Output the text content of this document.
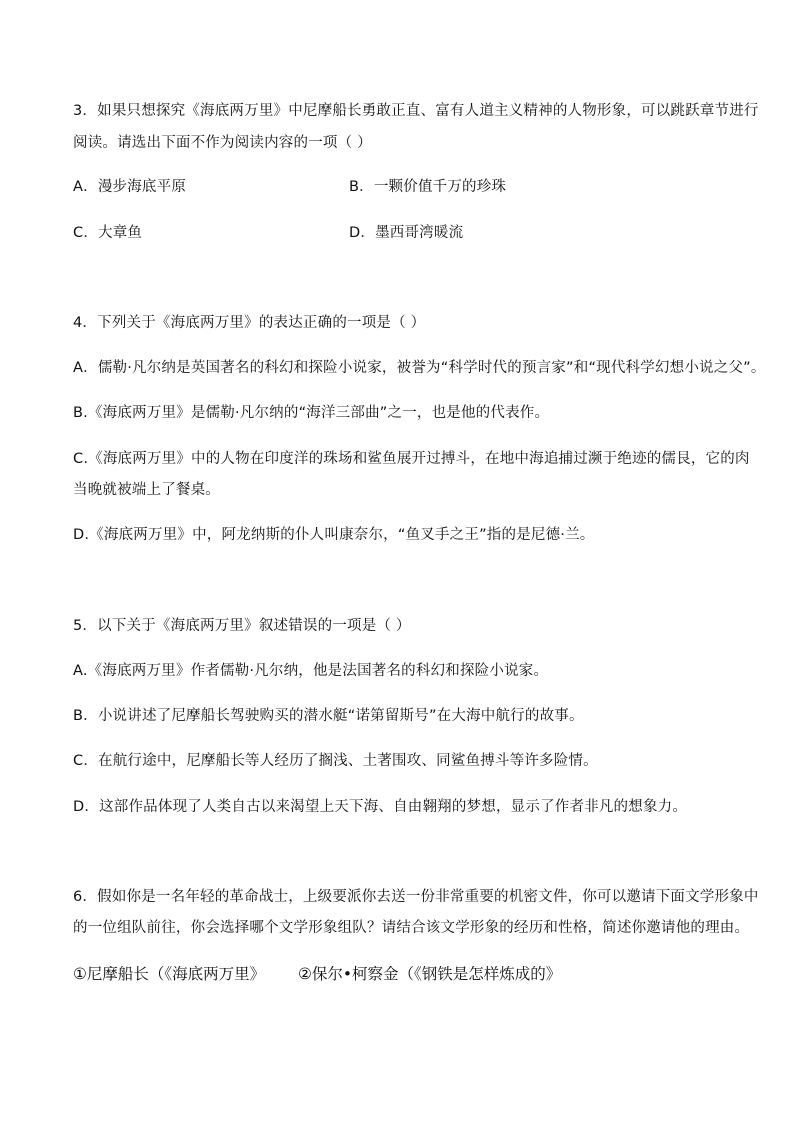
3．如果只想探究《海底两万里》中尼摩船长勇敢正直、富有人道主义精神的人物形象，可以跳跃章节进行
阅读。请选出下面不作为阅读内容的一项（ ）
A．漫步海底平原	B．一颗价值千万的珍珠
C．大章鱼	D．墨西哥湾暖流
4．下列关于《海底两万里》的表达正确的一项是（ ）
A．儒勒·凡尔纳是英国著名的科幻和探险小说家，被誉为“科学时代的预言家”和“现代科学幻想小说之父”。
B.《海底两万里》是儒勒·凡尔纳的“海洋三部曲”之一，也是他的代表作。
C.《海底两万里》中的人物在印度洋的珠场和鲨鱼展开过搏斗，在地中海追捕过濒于绝迹的儒艮，它的肉
当晚就被端上了餐桌。
D.《海底两万里》中，阿龙纳斯的仆人叫康奈尔，“鱼叉手之王”指的是尼德·兰。
5．以下关于《海底两万里》叙述错误的一项是（ ）
A.《海底两万里》作者儒勒·凡尔纳，他是法国著名的科幻和探险小说家。
B．小说讲述了尼摩船长驾驶购买的潜水艇“诺第留斯号”在大海中航行的故事。
C．在航行途中，尼摩船长等人经历了搁浅、土著围攻、同鲨鱼搏斗等许多险情。
D．这部作品体现了人类自古以来渴望上天下海、自由翱翔的梦想，显示了作者非凡的想象力。
6．假如你是一名年轻的革命战士，上级要派你去送一份非常重要的机密文件，你可以邀请下面文学形象中
的一位组队前往，你会选择哪个文学形象组队？请结合该文学形象的经历和性格，简述你邀请他的理由。
①尼摩船长（《海底两万里》 ②保尔•柯察金（《钢铁是怎样炼成的》
